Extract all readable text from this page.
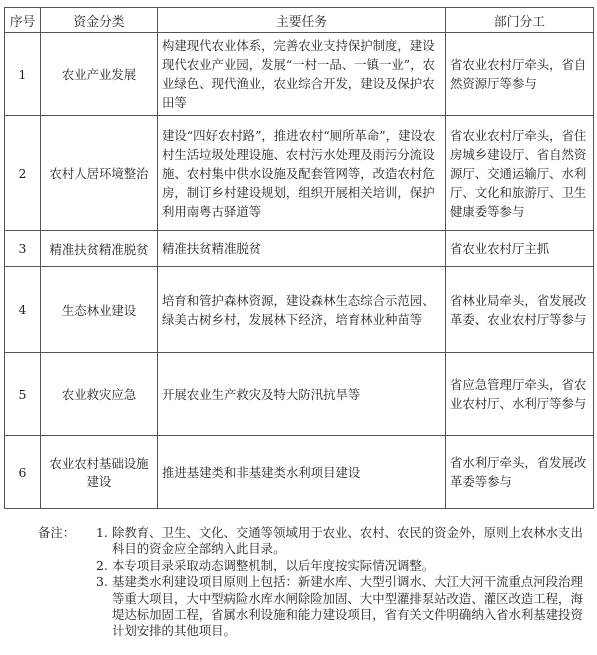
序号	资金分类	主要任务	部门分工
1	农业产业发展	构建现代农业体系，完善农业支持保护制度，建设现代农业产业园，发展“一村一品、一镇一业”，农业绿色、现代渔业，农业综合开发，建设及保护农田等	省农业农村厅牵头，省自然资源厅等参与
2	农村人居环境整治	建设“四好农村路”，推进农村“厕所革命”，建设农村生活垃圾处理设施、农村污水处理及雨污分流设施、农村集中供水设施及配套管网等，改造农村危房，制订乡村建设规划，组织开展相关培训，保护利用南粤古驿道等	省农业农村厅牵头，省住房城乡建设厅、省自然资源厅、交通运输厅、水利厅、文化和旅游厅、卫生健康委等参与
3	精准扶贫精准脱贫	精准扶贫精准脱贫	省农业农村厅主抓
4	生态林业建设	培育和管护森林资源，建设森林生态综合示范园、绿美古树乡村，发展林下经济，培育林业种苗等	省林业局牵头，省发展改革委、农业农村厅等参与
5	农业救灾应急	开展农业生产救灾及特大防汛抗旱等	省应急管理厅牵头，省农业农村厅、水利厅等参与
6	农业农村基础设施建设	推进基建类和非基建类水利项目建设	省水利厅牵头，省发展改革委等参与
备注： 1. 除教育、卫生、文化、交通等领域用于农业、农村、农民的资金外，原则上农林水支出科目的资金应全部纳入此目录。
2. 本专项目录采取动态调整机制，以后年度按实际情况调整。
3. 基建类水利建设项目原则上包括：新建水库、大型引调水、大江大河干流重点河段治理等重大项目，大中型病险水库水闸除险加固、大中型灌排泵站改造、灌区改造工程，海堤达标加固工程，省属水利设施和能力建设项目，省有关文件明确纳入省水利基建投资计划安排的其他项目。
